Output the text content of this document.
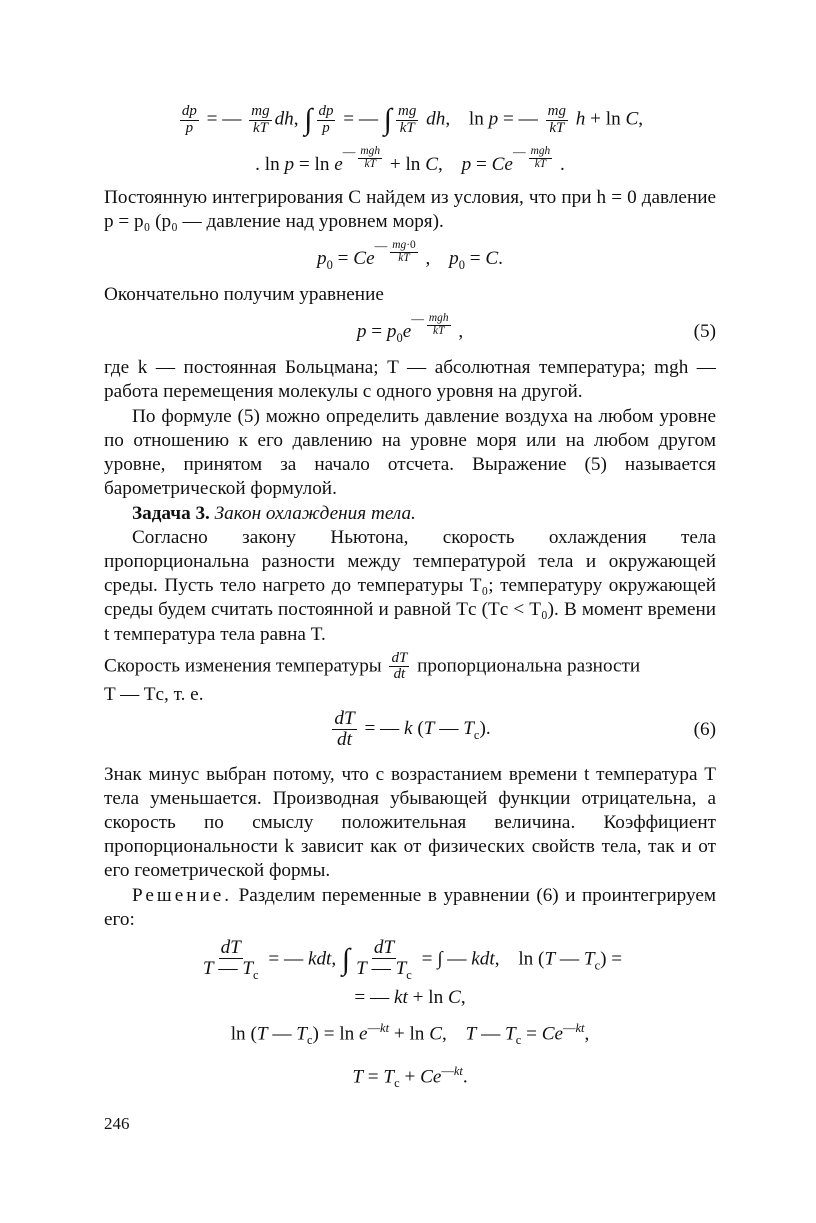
$\frac{dp}{p}$ = — $\frac{mg}{kT}$ dh, ∫ $\frac{dp}{p}$ = — ∫ $\frac{mg}{kT}$ dh, ln p = — $\frac{mg}{kT}$ h + ln C,
. ln p = ln e— $\frac{\text{mgh}}{kT} + \ln C$, p = Ce— $\frac{\text{mgh}}{kT}$ .

Постоянную интегрирования C найдем из условия, что при h = 0 давление p = p₀ (p₀ — давление над уровнем моря).

$p_0$ = Ce— $\frac{mg\cdot 0}{kT}$ , $p_0 = C$.

Окончательно получим уравнение

$p = p_0e— \frac{\text{mgh}}{kT}$ ,	(5)

где k — постоянная Больцмана; T — абсолютная температура; mgh — работа перемещения молекулы с одного уровня на другой.

По формуле (5) можно определить давление воздуха на любом уровне по отношению к его давлению на уровне моря или на любом другом уровне, принятом за начало отсчета. Выражение (5) называется барометрической формулой.

Задача 3. Закон охлаждения тела.

Согласно закону Ньютона, скорость охлаждения тела пропорциональна разности между температурой тела и окружающей среды. Пусть тело нагрето до температуры T₀; температуру окружающей среды будем считать постоянной и равной Tс (Tс < T₀). В момент времени t температура тела равна T.

Скорость изменения температуры $\frac{dT}{dt}$ пропорциональна разности
T — Tс, т. е.

$\frac{dT}{dt}$ = — k (T — $T_c$).	(6)

Знак минус выбран потому, что с возрастанием времени t температура T тела уменьшается. Производная убывающей функции отрицательна, а скорость по смыслу положительная величина. Коэффициент пропорциональности k зависит как от физических свойств тела, так и от его геометрической формы.

Решение. Разделим переменные в уравнении (6) и проинтегрируем его:

$\frac{dT}{T — T_c}$ = — kdt, ∫ $\frac{dT}{T — T_c}$ = ∫ — kdt, ln (T — $T_c$) =
= — kt + ln C,
ln (T — $T_c) = \ln e^{—kt} + \ln C$, T — $T_c = Ce^{—kt}$,
$T = T_c + Ce^{—kt}$.
246
